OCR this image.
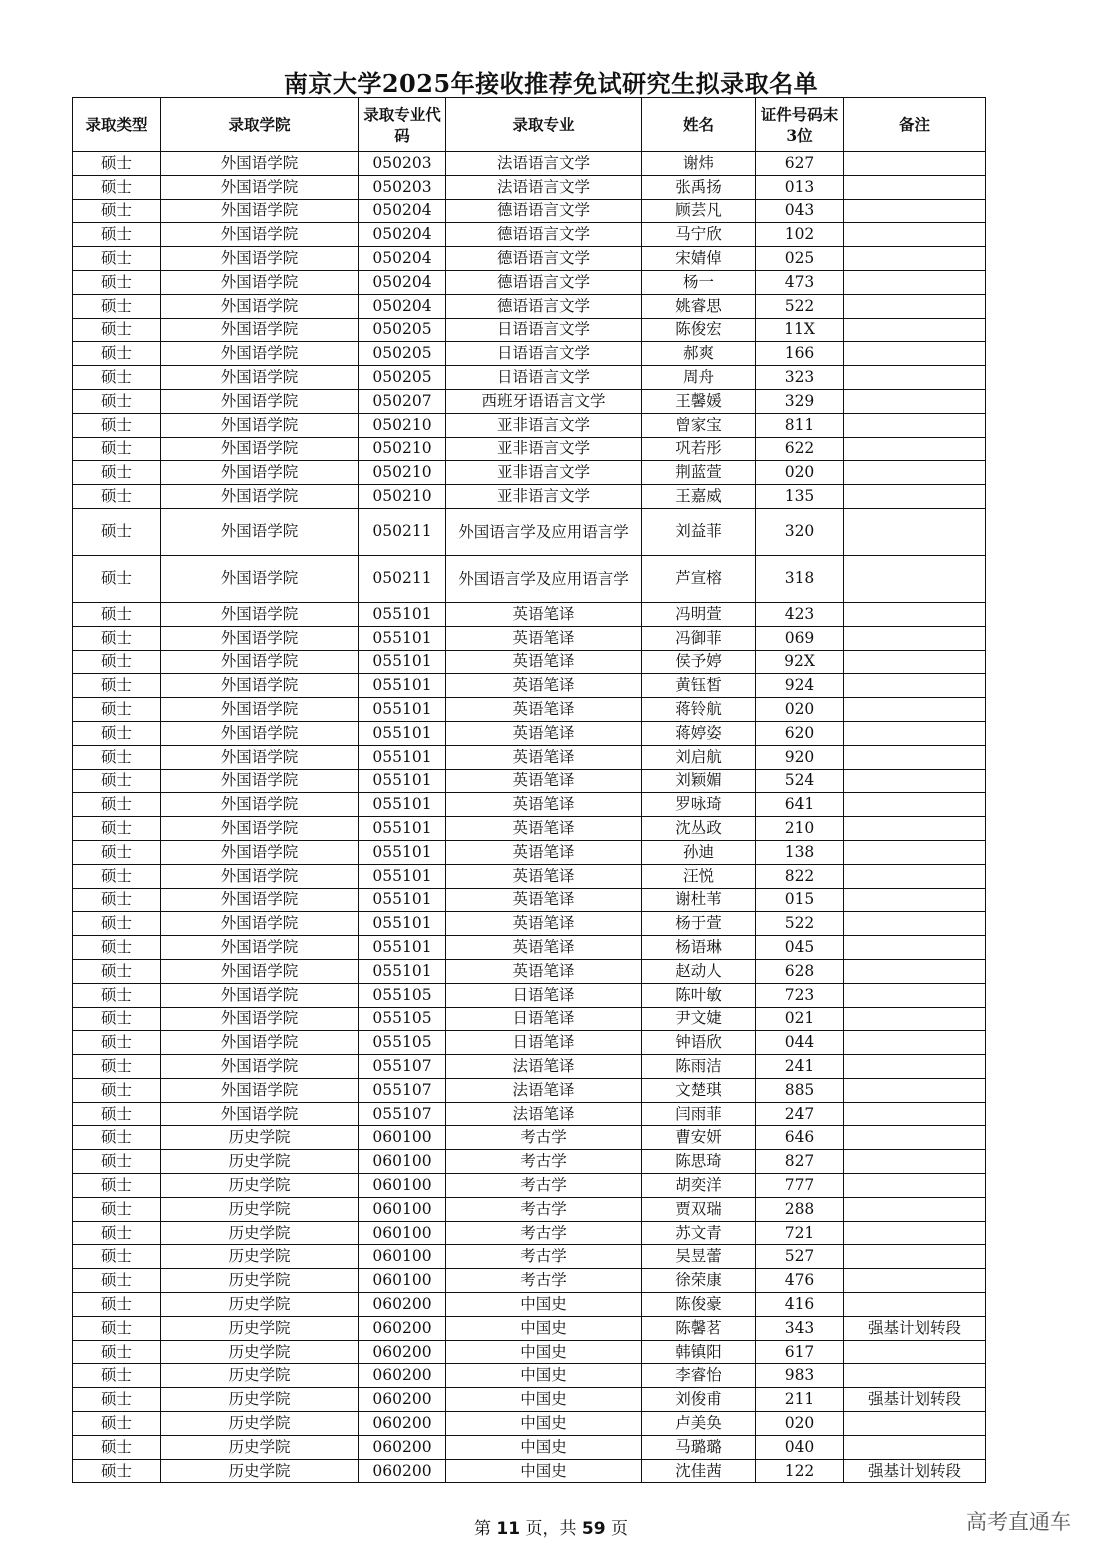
南京大学2025年接收推荐免试研究生拟录取名单
录取类型	录取学院	录取专业代码	录取专业	姓名	证件号码末3位	备注
硕士	外国语学院	050203	法语语言文学	谢炜	627	
硕士	外国语学院	050203	法语语言文学	张禹扬	013	
硕士	外国语学院	050204	德语语言文学	顾芸凡	043	
硕士	外国语学院	050204	德语语言文学	马宁欣	102	
硕士	外国语学院	050204	德语语言文学	宋婧倬	025	
硕士	外国语学院	050204	德语语言文学	杨一	473	
硕士	外国语学院	050204	德语语言文学	姚睿思	522	
硕士	外国语学院	050205	日语语言文学	陈俊宏	11X	
硕士	外国语学院	050205	日语语言文学	郝爽	166	
硕士	外国语学院	050205	日语语言文学	周舟	323	
硕士	外国语学院	050207	西班牙语语言文学	王馨媛	329	
硕士	外国语学院	050210	亚非语言文学	曾家宝	811	
硕士	外国语学院	050210	亚非语言文学	巩若彤	622	
硕士	外国语学院	050210	亚非语言文学	荆蓝萱	020	
硕士	外国语学院	050210	亚非语言文学	王嘉威	135	
硕士	外国语学院	050211	外国语言学及应用语言学	刘益菲	320	
硕士	外国语学院	050211	外国语言学及应用语言学	芦宣榕	318	
硕士	外国语学院	055101	英语笔译	冯明萱	423	
硕士	外国语学院	055101	英语笔译	冯御菲	069	
硕士	外国语学院	055101	英语笔译	侯予婷	92X	
硕士	外国语学院	055101	英语笔译	黄钰皙	924	
硕士	外国语学院	055101	英语笔译	蒋铃航	020	
硕士	外国语学院	055101	英语笔译	蒋婷姿	620	
硕士	外国语学院	055101	英语笔译	刘启航	920	
硕士	外国语学院	055101	英语笔译	刘颖媚	524	
硕士	外国语学院	055101	英语笔译	罗咏琦	641	
硕士	外国语学院	055101	英语笔译	沈丛政	210	
硕士	外国语学院	055101	英语笔译	孙迪	138	
硕士	外国语学院	055101	英语笔译	汪悦	822	
硕士	外国语学院	055101	英语笔译	谢杜苇	015	
硕士	外国语学院	055101	英语笔译	杨于萱	522	
硕士	外国语学院	055101	英语笔译	杨语琳	045	
硕士	外国语学院	055101	英语笔译	赵动人	628	
硕士	外国语学院	055105	日语笔译	陈叶敏	723	
硕士	外国语学院	055105	日语笔译	尹文婕	021	
硕士	外国语学院	055105	日语笔译	钟语欣	044	
硕士	外国语学院	055107	法语笔译	陈雨洁	241	
硕士	外国语学院	055107	法语笔译	文楚琪	885	
硕士	外国语学院	055107	法语笔译	闫雨菲	247	
硕士	历史学院	060100	考古学	曹安妍	646	
硕士	历史学院	060100	考古学	陈思琦	827	
硕士	历史学院	060100	考古学	胡奕洋	777	
硕士	历史学院	060100	考古学	贾双瑞	288	
硕士	历史学院	060100	考古学	苏文青	721	
硕士	历史学院	060100	考古学	吴昱蕾	527	
硕士	历史学院	060100	考古学	徐荣康	476	
硕士	历史学院	060200	中国史	陈俊豪	416	
硕士	历史学院	060200	中国史	陈馨茗	343	强基计划转段
硕士	历史学院	060200	中国史	韩镇阳	617	
硕士	历史学院	060200	中国史	李睿怡	983	
硕士	历史学院	060200	中国史	刘俊甫	211	强基计划转段
硕士	历史学院	060200	中国史	卢美奂	020	
硕士	历史学院	060200	中国史	马璐璐	040	
硕士	历史学院	060200	中国史	沈佳茜	122	强基计划转段
第 11 页，共 59 页	高考直通车
